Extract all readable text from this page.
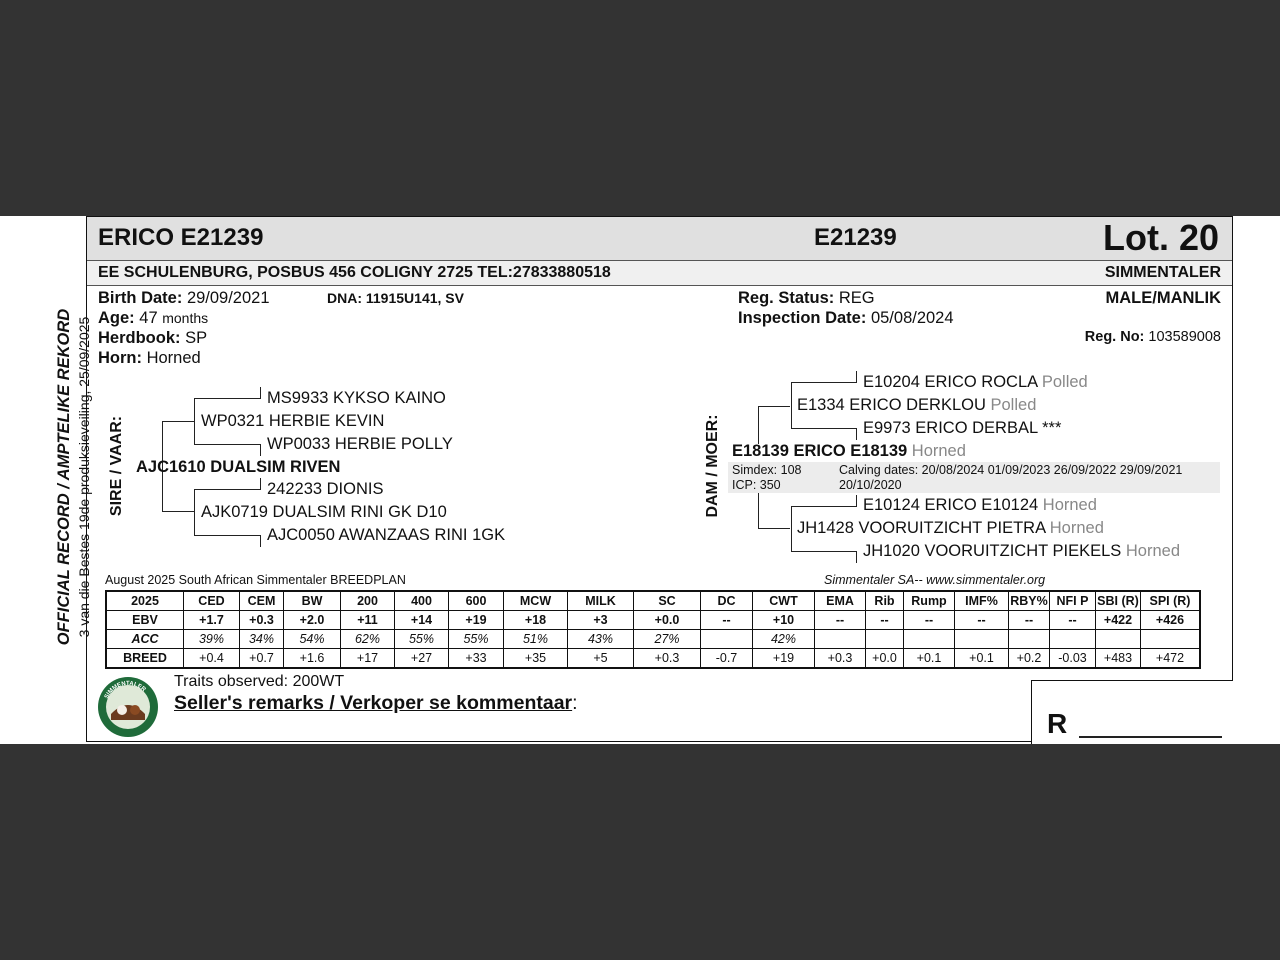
OFFICIAL RECORD / AMPTELIKE REKORD 3 van die Bestes 19de produksieveiling, 25/09/2025
ERICO E21239	E21239	Lot. 20
EE SCHULENBURG, POSBUS 456 COLIGNY 2725 TEL:27833880518	SIMMENTALER
Birth Date: 29/09/2021	DNA: 11915U141, SV
Age: 47 months
Herdbook: SP
Horn: Horned
Reg. Status: REG
Inspection Date: 05/08/2024
MALE/MANLIK
Reg. No: 103589008
SIRE / VAAR:
MS9933 KYKSO KAINO
WP0321 HERBIE KEVIN
WP0033 HERBIE POLLY
AJC1610 DUALSIM RIVEN
242233 DIONIS
AJK0719 DUALSIM RINI GK D10
AJC0050 AWANZAAS RINI 1GK
DAM / MOER:
E10204 ERICO ROCLA Polled
E1334 ERICO DERKLOU Polled
E9973 ERICO DERBAL ***
E18139 ERICO E18139 Horned
Simdex: 108
ICP: 350
Calving dates: 20/08/2024 01/09/2023 26/09/2022 29/09/2021
20/10/2020
E10124 ERICO E10124 Horned
JH1428 VOORUITZICHT PIETRA Horned
JH1020 VOORUITZICHT PIEKELS Horned
August 2025 South African Simmentaler BREEDPLAN	Simmentaler SA-- www.simmentaler.org
2025	CED	CEM	BW	200	400	600	MCW	MILK	SC	DC	CWT	EMA	Rib	Rump	IMF%	RBY%	NFI P	SBI (R)	SPI (R)
EBV	+1.7	+0.3	+2.0	+11	+14	+19	+18	+3	+0.0	--	+10	--	--	--	--	--	--	+422	+426
ACC	39%	34%	54%	62%	55%	55%	51%	43%	27%		42%								
BREED	+0.4	+0.7	+1.6	+17	+27	+33	+35	+5	+0.3	-0.7	+19	+0.3	+0.0	+0.1	+0.1	+0.2	-0.03	+483	+472
SIMMENTALER Traits observed: 200WT
Seller's remarks / Verkoper se kommentaar:
R
